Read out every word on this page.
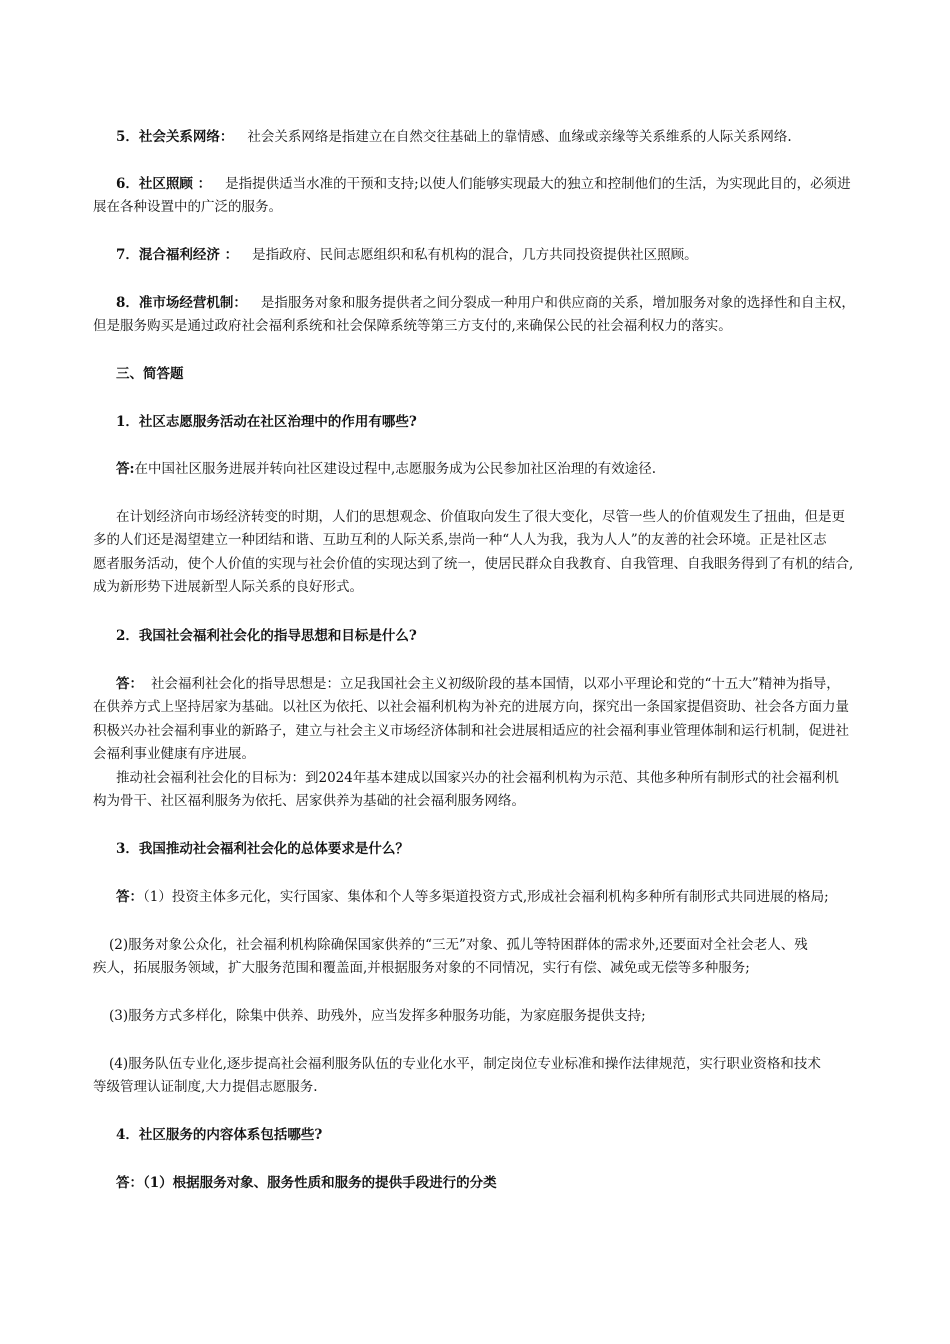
5．社会关系网络： 社会关系网络是指建立在自然交往基础上的靠情感、血缘或亲缘等关系维系的人际关系网络.
6．社区照顾 ： 是指提供适当水准的干预和支持;以使人们能够实现最大的独立和控制他们的生活，为实现此目的，必须进
展在各种设置中的广泛的服务。
7．混合福利经济 ： 是指政府、民间志愿组织和私有机构的混合，几方共同投资提供社区照顾。
8．准市场经营机制： 是指服务对象和服务提供者之间分裂成一种用户和供应商的关系，增加服务对象的选择性和自主权，
但是服务购买是通过政府社会福利系统和社会保障系统等第三方支付的,来确保公民的社会福利权力的落实。
三、简答题
1．社区志愿服务活动在社区治理中的作用有哪些?
答:在中国社区服务进展并转向社区建设过程中,志愿服务成为公民参加社区治理的有效途径.
在计划经济向市场经济转变的时期，人们的思想观念、价值取向发生了很大变化，尽管一些人的价值观发生了扭曲，但是更
多的人们还是渴望建立一种团结和谐、互助互利的人际关系,崇尚一种“人人为我，我为人人”的友善的社会环境。正是社区志
愿者服务活动，使个人价值的实现与社会价值的实现达到了统一，使居民群众自我教育、自我管理、自我眼务得到了有机的结合,
成为新形势下进展新型人际关系的良好形式。
2．我国社会福利社会化的指导思想和目标是什么?
答： 社会福利社会化的指导思想是：立足我国社会主义初级阶段的基本国情，以邓小平理论和党的“十五大”精神为指导，
在供养方式上坚持居家为基础。以社区为依托、以社会福利机构为补充的进展方向，探究出一条国家提倡资助、社会各方面力量
积极兴办社会福利事业的新路子，建立与社会主义市场经济体制和社会进展相适应的社会福利事业管理体制和运行机制，促进社
会福利事业健康有序进展。
推动社会福利社会化的目标为：到2024年基本建成以国家兴办的社会福利机构为示范、其他多种所有制形式的社会福利机
构为骨干、社区福利服务为依托、居家供养为基础的社会福利服务网络。
3．我国推动社会福利社会化的总体要求是什么？
答：（1）投资主体多元化，实行国家、集体和个人等多渠道投资方式,形成社会福利机构多种所有制形式共同进展的格局;
(2)服务对象公众化，社会福利机构除确保国家供养的“三无”对象、孤儿等特困群体的需求外,还要面对全社会老人、残
疾人，拓展服务领域，扩大服务范围和覆盖面,并根据服务对象的不同情况，实行有偿、减免或无偿等多种服务;
(3)服务方式多样化，除集中供养、助残外，应当发挥多种服务功能，为家庭服务提供支持;
(4)服务队伍专业化,逐步提高社会福利服务队伍的专业化水平，制定岗位专业标准和操作法律规范，实行职业资格和技术
等级管理认证制度,大力提倡志愿服务.
4．社区服务的内容体系包括哪些?
答：（1）根据服务对象、服务性质和服务的提供手段进行的分类
